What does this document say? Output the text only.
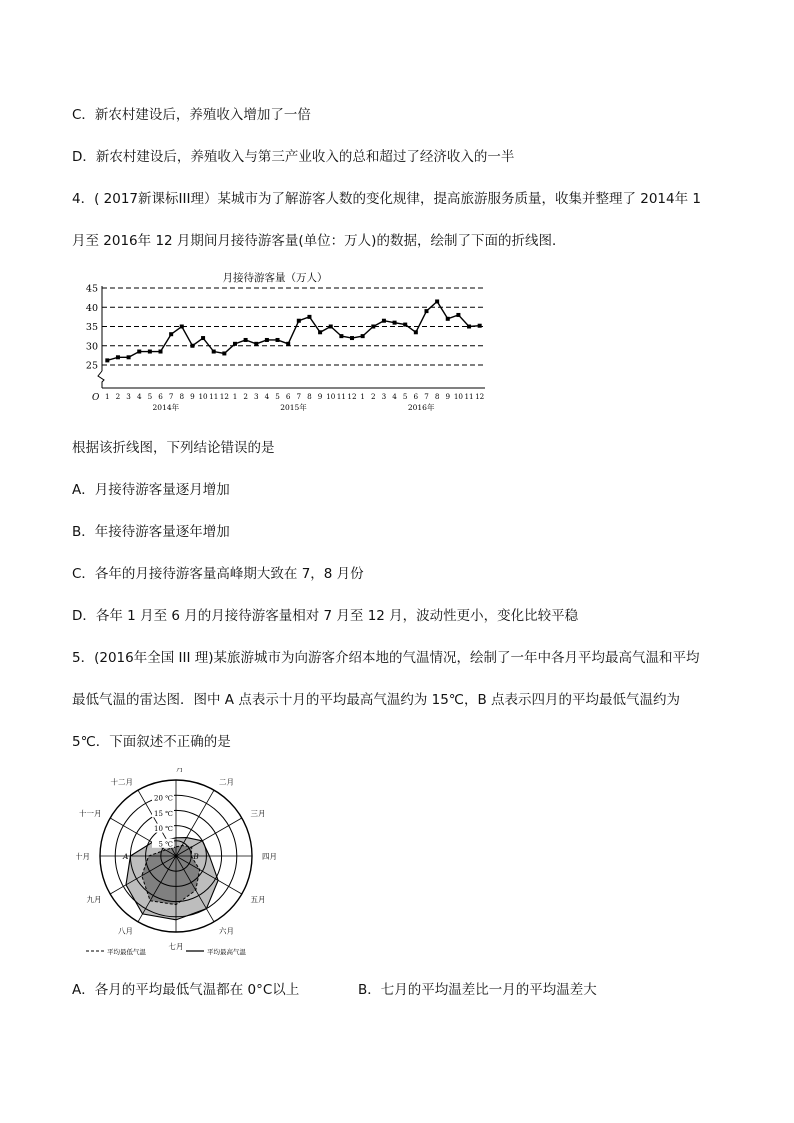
C．新农村建设后，养殖收入增加了一倍
D．新农村建设后，养殖收入与第三产业收入的总和超过了经济收入的一半
4．( 2017新课标III理）某城市为了解游客人数的变化规律，提高旅游服务质量，收集并整理了 2014年 1
月至 2016年 12 月期间月接待游客量(单位：万人)的数据，绘制了下面的折线图．
月接待游客量（万人）
25
30
35
40
45
O 1 2 3 4 5 6 7 8 9 10 11 12 1 2 3 4 5 6 7 8 9 10 11 12 1 2 3 4 5 6 7 8 9 10 11 12
2014年	2015年	2016年
根据该折线图，下列结论错误的是
A．月接待游客量逐月增加
B．年接待游客量逐年增加
C．各年的月接待游客量高峰期大致在 7，8 月份
D．各年 1 月至 6 月的月接待游客量相对 7 月至 12 月，波动性更小，变化比较平稳
5．(2016年全国 III 理)某旅游城市为向游客介绍本地的气温情况，绘制了一年中各月平均最高气温和平均
最低气温的雷达图．图中 A 点表示十月的平均最高气温约为 15℃，B 点表示四月的平均最低气温约为
5℃．下面叙述不正确的是
5 ℃
10 ℃
15 ℃
20 ℃
一月
二月
三月
四月
五月
六月
七月
八月
九月
十月
十一月
十二月
A	B
平均最低气温	平均最高气温
A．各月的平均最低气温都在 0°C以上	B．七月的平均温差比一月的平均温差大
